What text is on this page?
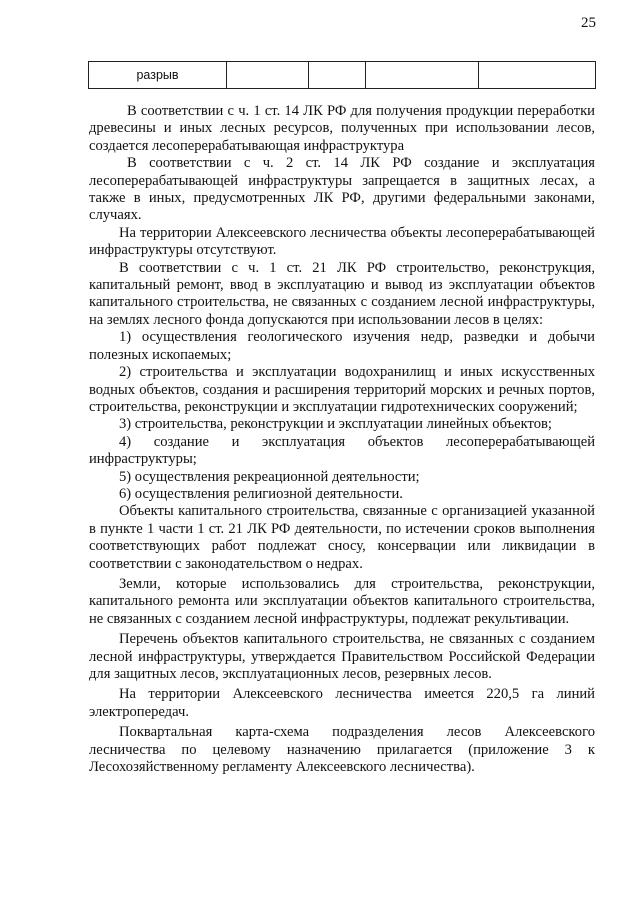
25
разрыв				

В соответствии с ч. 1 ст. 14 ЛК РФ для получения продукции переработки древесины и иных лесных ресурсов, полученных при использовании лесов, создается лесоперерабатывающая инфраструктура

В соответствии с ч. 2 ст. 14 ЛК РФ создание и эксплуатация лесоперерабатывающей инфраструктуры запрещается в защитных лесах, а также в иных, предусмотренных ЛК РФ, другими федеральными законами, случаях.

На территории Алексеевского лесничества объекты лесоперерабатывающей инфраструктуры отсутствуют.

В соответствии с ч. 1 ст. 21 ЛК РФ строительство, реконструкция, капитальный ремонт, ввод в эксплуатацию и вывод из эксплуатации объектов капитального строительства, не связанных с созданием лесной инфраструктуры, на землях лесного фонда допускаются при использовании лесов в целях:

1) осуществления геологического изучения недр, разведки и добычи полезных ископаемых;

2) строительства и эксплуатации водохранилищ и иных искусственных водных объектов, создания и расширения территорий морских и речных портов, строительства, реконструкции и эксплуатации гидротехнических сооружений;

3) строительства, реконструкции и эксплуатации линейных объектов;

4) создание и эксплуатация объектов лесоперерабатывающей инфраструктуры;

5) осуществления рекреационной деятельности;

6) осуществления религиозной деятельности.

Объекты капитального строительства, связанные с организацией указанной в пункте 1 части 1 ст. 21 ЛК РФ деятельности, по истечении сроков выполнения соответствующих работ подлежат сносу, консервации или ликвидации в соответствии с законодательством о недрах.

Земли, которые использовались для строительства, реконструкции, капитального ремонта или эксплуатации объектов капитального строительства, не связанных с созданием лесной инфраструктуры, подлежат рекультивации.

Перечень объектов капитального строительства, не связанных с созданием лесной инфраструктуры, утверждается Правительством Российской Федерации для защитных лесов, эксплуатационных лесов, резервных лесов.

На территории Алексеевского лесничества имеется 220,5 га линий электропередач.

Поквартальная карта-схема подразделения лесов Алексеевского лесничества по целевому назначению прилагается (приложение 3 к Лесохозяйственному регламенту Алексеевского лесничества).
